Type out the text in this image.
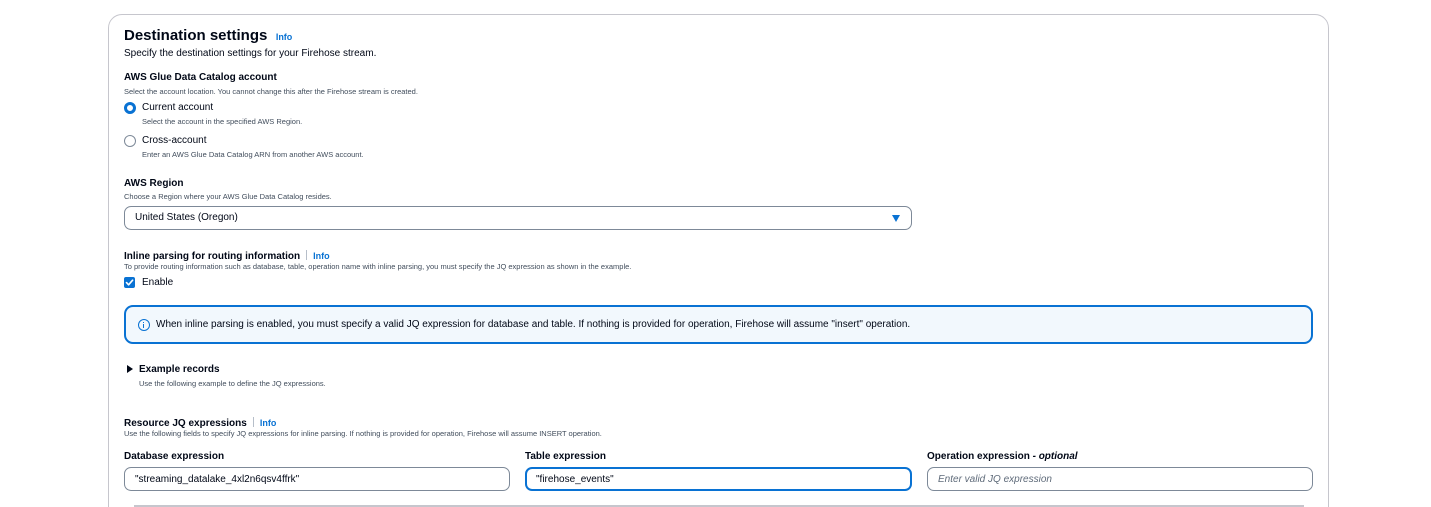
Destination settings Info
Specify the destination settings for your Firehose stream.
AWS Glue Data Catalog account
Select the account location. You cannot change this after the Firehose stream is created.
Current account
Select the account in the specified AWS Region.
Cross-account
Enter an AWS Glue Data Catalog ARN from another AWS account.
AWS Region
Choose a Region where your AWS Glue Data Catalog resides.
United States (Oregon)
Inline parsing for routing information Info
To provide routing information such as database, table, operation name with inline parsing, you must specify the JQ expression as shown in the example.
Enable
When inline parsing is enabled, you must specify a valid JQ expression for database and table. If nothing is provided for operation, Firehose will assume "insert" operation.
Example records
Use the following example to define the JQ expressions.
Resource JQ expressions Info
Use the following fields to specify JQ expressions for inline parsing. If nothing is provided for operation, Firehose will assume INSERT operation.
Database expression	Table expression	Operation expression - optional
"streaming_datalake_4xl2n6qsv4ffrk"
"firehose_events"
Enter valid JQ expression
